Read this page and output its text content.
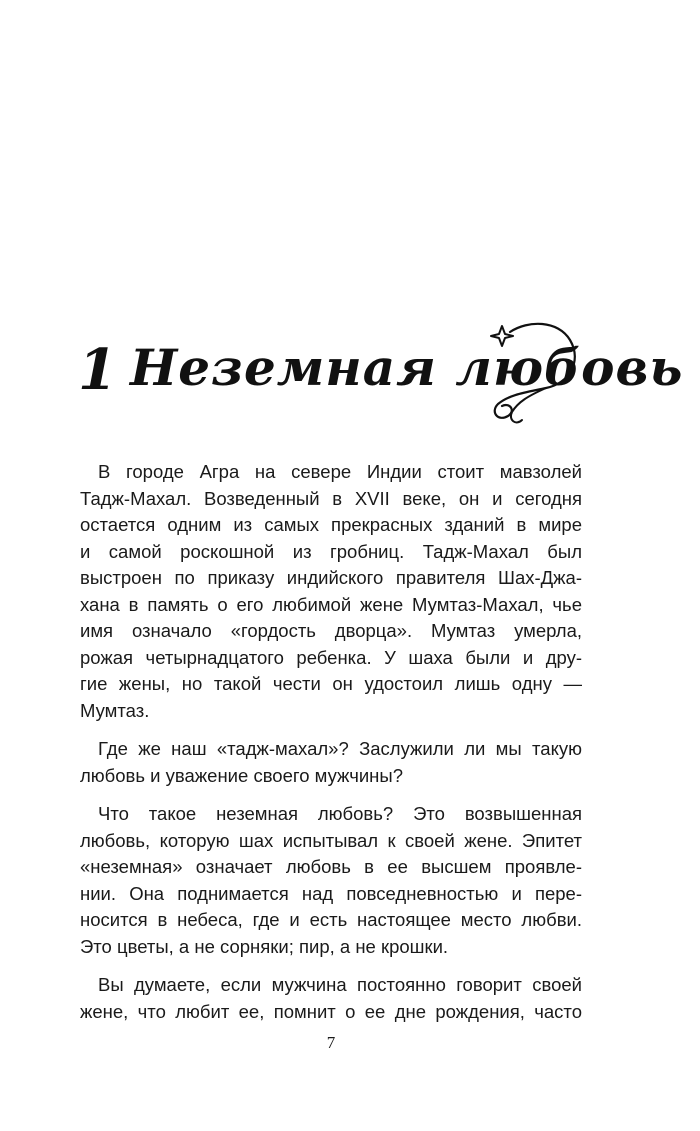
1 Неземная любовь

В городе Агра на севере Индии стоит мавзолей
Тадж-Махал. Возведенный в XVII веке, он и сегодня
остается одним из самых прекрасных зданий в мире
и самой роскошной из гробниц. Тадж-Махал был
выстроен по приказу индийского правителя Шах-Джа-
хана в память о его любимой жене Мумтаз-Махал, чье
имя означало «гордость дворца». Мумтаз умерла,
рожая четырнадцатого ребенка. У шаха были и дру-
гие жены, но такой чести он удостоил лишь одну —
Мумтаз.

Где же наш «тадж-махал»? Заслужили ли мы такую
любовь и уважение своего мужчины?

Что такое неземная любовь? Это возвышенная
любовь, которую шах испытывал к своей жене. Эпитет
«неземная» означает любовь в ее высшем проявле-
нии. Она поднимается над повседневностью и пере-
носится в небеса, где и есть настоящее место любви.
Это цветы, а не сорняки; пир, а не крошки.

Вы думаете, если мужчина постоянно говорит своей
жене, что любит ее, помнит о ее дне рождения, часто

7
